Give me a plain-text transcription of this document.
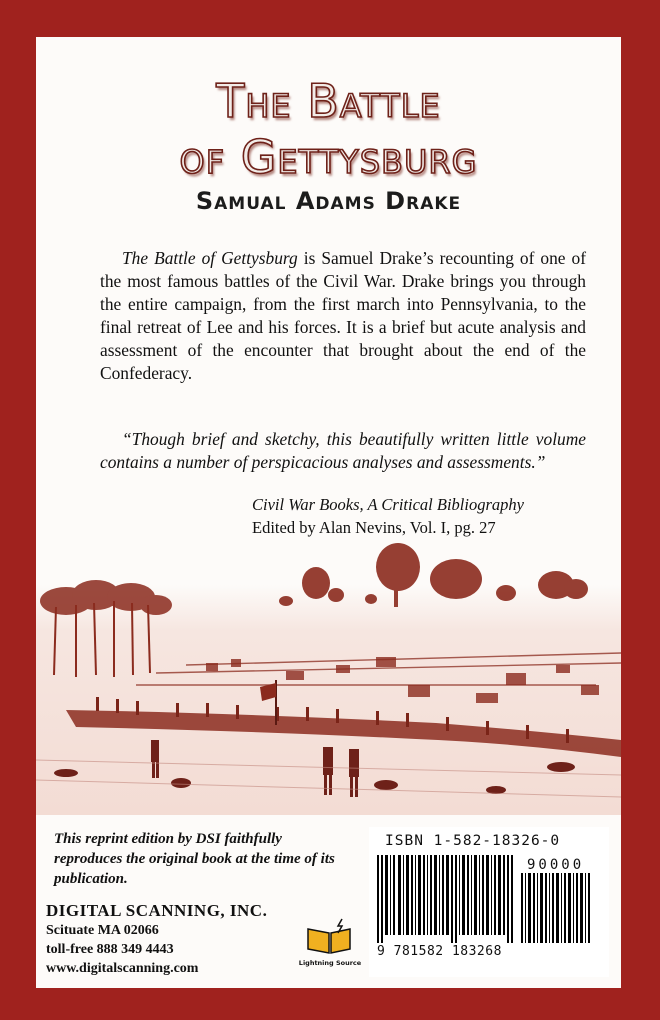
The Battle
of Gettysburg
Samual Adams Drake
The Battle of Gettysburg is Samuel Drake’s recounting of one of the most famous battles of the Civil War. Drake brings you through the entire campaign, from the first march into Pennsylvania, to the final retreat of Lee and his forces. It is a brief but acute analysis and assessment of the encounter that brought about the end of the Confederacy.
“Though brief and sketchy, this beautifully written little volume contains a number of perspicacious analyses and assessments.”
Civil War Books, A Critical Bibliography
Edited by Alan Nevins, Vol. I, pg. 27
This reprint edition by DSI faithfully reproduces the original book at the time of its publication.
DIGITAL SCANNING, INC.
Scituate MA 02066
toll-free 888 349 4443
www.digitalscanning.com	Lightning Source
ISBN 1-582-18326-0
90000
9 781582 183268
